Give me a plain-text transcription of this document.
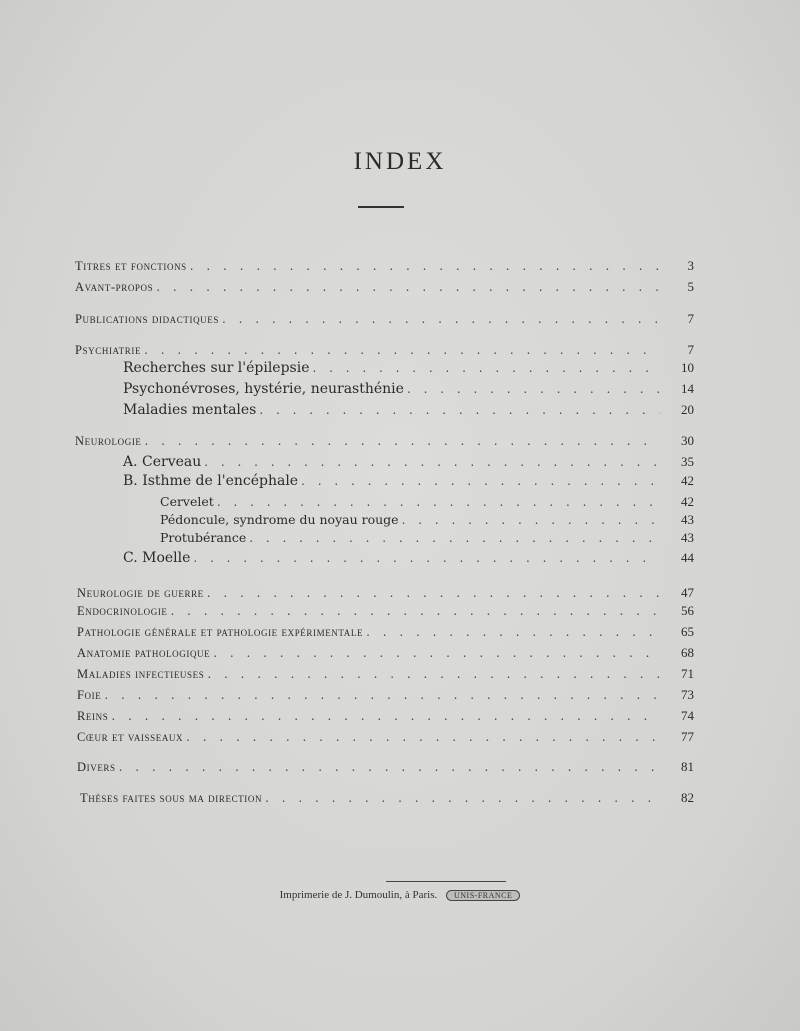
INDEX
Titres et fonctions . . .	3
Avant-propos . . .	5
Publications didactiques . . .	7
Psychiatrie . . .	7
Recherches sur l'épilepsie . . .	10
Psychonévroses, hystérie, neurasthénie . . .	14
Maladies mentales . . .	20
Neurologie . . .	30
A. Cerveau . . .	35
B. Isthme de l'encéphale . . .	42
Cervelet . . .	42
Pédoncule, syndrome du noyau rouge . . .	43
Protubérance . . .	43
C. Moelle . . .	44
Neurologie de guerre . . .	47
Endocrinologie . . .	56
Pathologie générale et pathologie expérimentale . . .	65
Anatomie pathologique . . .	68
Maladies infectieuses . . .	71
Foie . . .	73
Reins . . .	74
Cœur et vaisseaux . . .	77
Divers . . .	81
Thèses faites sous ma direction . . .	82
Imprimerie de J. Dumoulin, à Paris. UNIS-FRANCE
